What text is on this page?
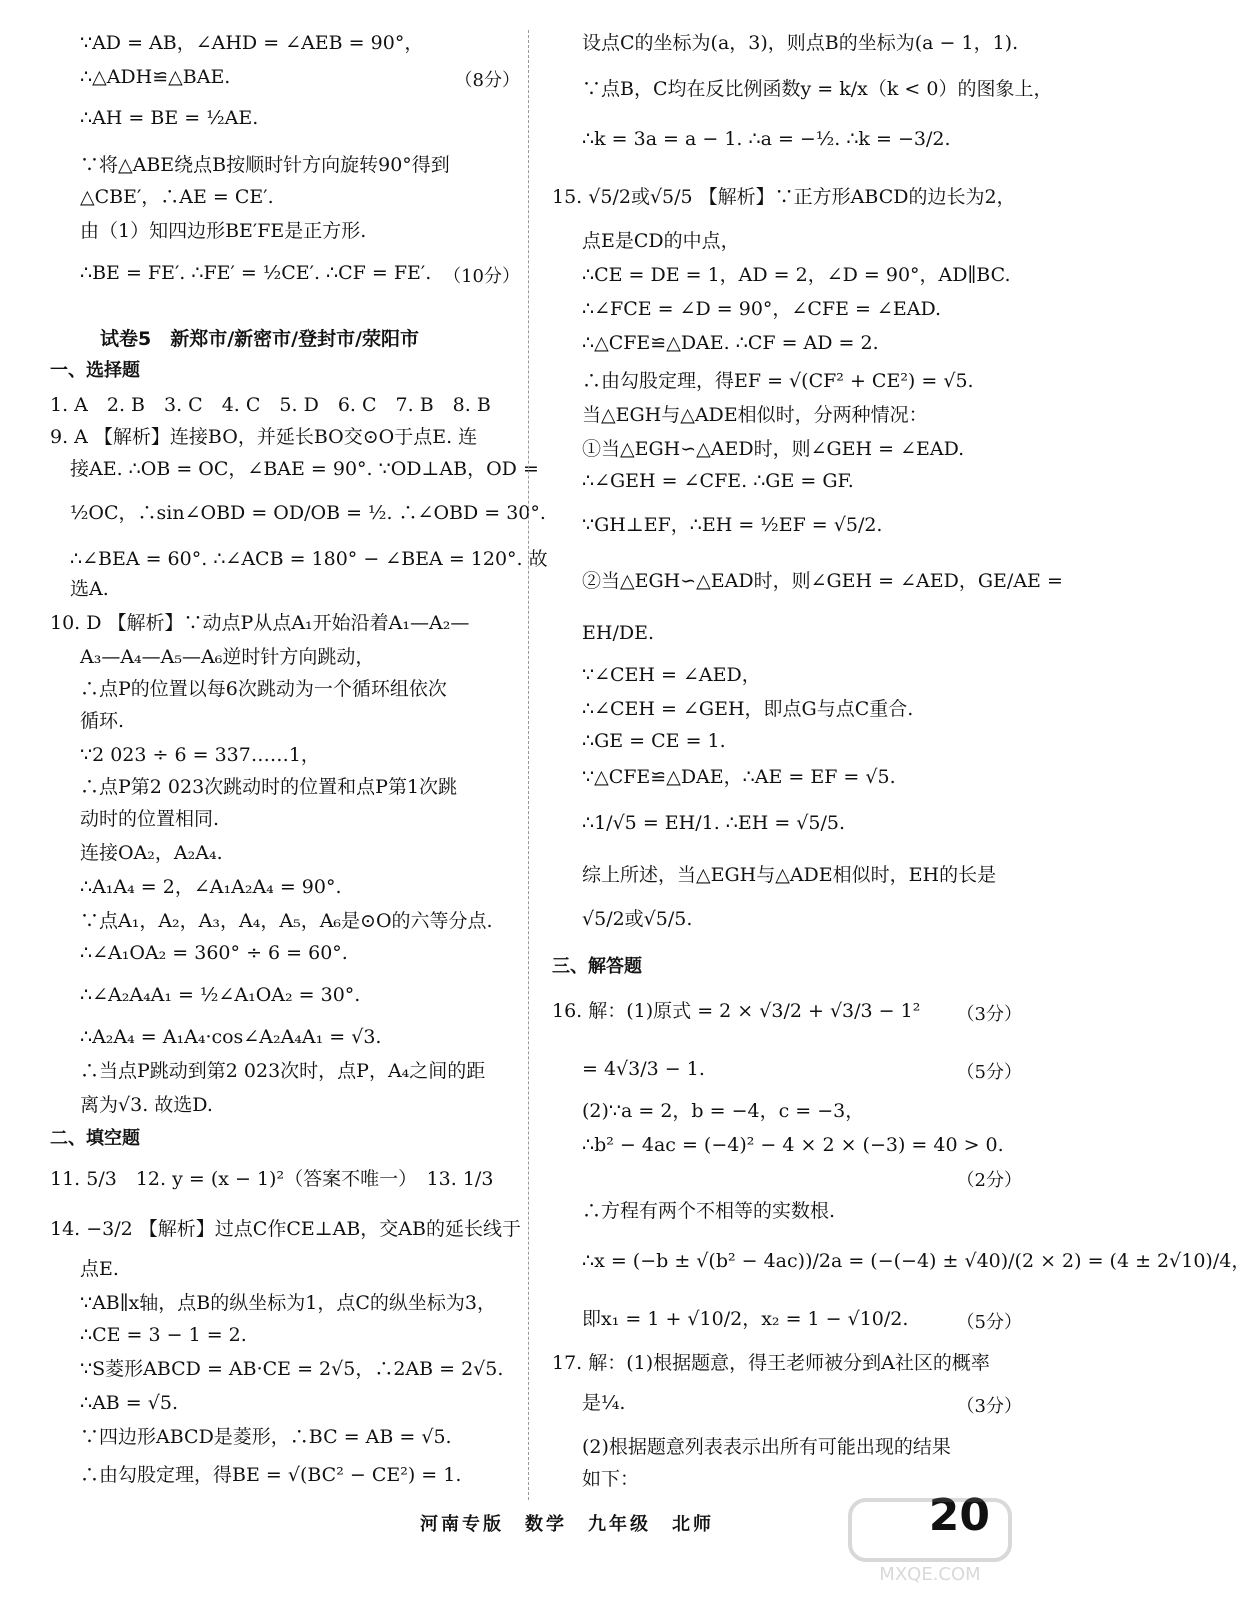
∵AD = AB，∠AHD = ∠AEB = 90°，
∴△ADH≌△BAE.	（8分）
∴AH = BE = ½AE.
∵将△ABE绕点B按顺时针方向旋转90°得到
△CBE′，∴AE = CE′.
由（1）知四边形BE′FE是正方形.
∴BE = FE′. ∴FE′ = ½CE′. ∴CF = FE′. （10分）
试卷5　新郑市/新密市/登封市/荥阳市
一、选择题
1. A　2. B　3. C　4. C　5. D　6. C　7. B　8. B
9. A 【解析】连接BO，并延长BO交⊙O于点E. 连
接AE. ∴OB = OC，∠BAE = 90°. ∵OD⊥AB，OD =
½OC，∴sin∠OBD = OD/OB = ½. ∴∠OBD = 30°.
∴∠BEA = 60°. ∴∠ACB = 180° − ∠BEA = 120°. 故
选A.
10. D 【解析】∵动点P从点A₁开始沿着A₁—A₂—
A₃—A₄—A₅—A₆逆时针方向跳动，
∴点P的位置以每6次跳动为一个循环组依次
循环.
∵2 023 ÷ 6 = 337……1，
∴点P第2 023次跳动时的位置和点P第1次跳
动时的位置相同.
连接OA₂，A₂A₄.
∴A₁A₄ = 2，∠A₁A₂A₄ = 90°.
∵点A₁，A₂，A₃，A₄，A₅，A₆是⊙O的六等分点.
∴∠A₁OA₂ = 360° ÷ 6 = 60°.
∴∠A₂A₄A₁ = ½∠A₁OA₂ = 30°.
∴A₂A₄ = A₁A₄·cos∠A₂A₄A₁ = √3.
∴当点P跳动到第2 023次时，点P，A₄之间的距
离为√3. 故选D.
二、填空题
11. 5/3　12. y = (x − 1)²（答案不唯一）　13. 1/3
14. −3/2 【解析】过点C作CE⊥AB，交AB的延长线于
点E.
∵AB∥x轴，点B的纵坐标为1，点C的纵坐标为3，
∴CE = 3 − 1 = 2.
∵S菱形ABCD = AB·CE = 2√5，∴2AB = 2√5.
∴AB = √5.
∵四边形ABCD是菱形，∴BC = AB = √5.
∴由勾股定理，得BE = √(BC² − CE²) = 1.
设点C的坐标为(a，3)，则点B的坐标为(a − 1，1).
∵点B，C均在反比例函数y = k/x（k < 0）的图象上，
∴k = 3a = a − 1. ∴a = −½. ∴k = −3/2.
15. √5/2或√5/5 【解析】∵正方形ABCD的边长为2，
点E是CD的中点，
∴CE = DE = 1，AD = 2，∠D = 90°，AD∥BC.
∴∠FCE = ∠D = 90°，∠CFE = ∠EAD.
∴△CFE≌△DAE. ∴CF = AD = 2.
∴由勾股定理，得EF = √(CF² + CE²) = √5.
当△EGH与△ADE相似时，分两种情况：
①当△EGH∽△AED时，则∠GEH = ∠EAD.
∴∠GEH = ∠CFE. ∴GE = GF.
∵GH⊥EF，∴EH = ½EF = √5/2.
②当△EGH∽△EAD时，则∠GEH = ∠AED，GE/AE =
EH/DE.
∵∠CEH = ∠AED，
∴∠CEH = ∠GEH，即点G与点C重合.
∴GE = CE = 1.
∵△CFE≌△DAE，∴AE = EF = √5.
∴1/√5 = EH/1. ∴EH = √5/5.
综上所述，当△EGH与△ADE相似时，EH的长是
√5/2或√5/5.
三、解答题
16. 解：(1)原式 = 2 × √3/2 + √3/3 − 1² （3分）
= 4√3/3 − 1.	（5分）
(2)∵a = 2，b = −4，c = −3，
∴b² − 4ac = (−4)² − 4 × 2 × (−3) = 40 > 0.
（2分）
∴方程有两个不相等的实数根.
∴x = (−b ± √(b² − 4ac))/2a = (−(−4) ± √40)/(2 × 2) = (4 ± 2√10)/4，
即x₁ = 1 + √10/2，x₂ = 1 − √10/2.	（5分）
17. 解：(1)根据题意，得王老师被分到A社区的概率
是¼.	（3分）
(2)根据题意列表表示出所有可能出现的结果
如下：
河南专版　数学　九年级　北师	20
MXQE.COM
